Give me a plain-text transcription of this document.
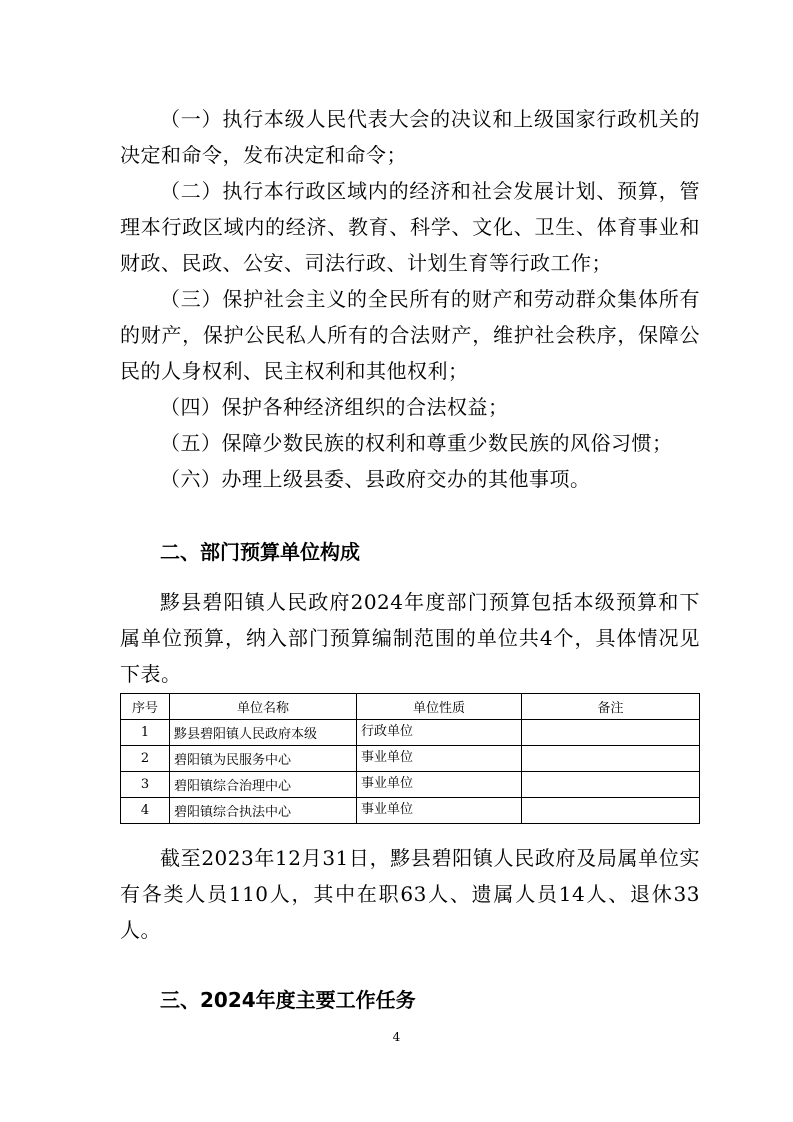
（一）执行本级人民代表大会的决议和上级国家行政机关的决定和命令，发布决定和命令；

（二）执行本行政区域内的经济和社会发展计划、预算，管理本行政区域内的经济、教育、科学、文化、卫生、体育事业和财政、民政、公安、司法行政、计划生育等行政工作；

（三）保护社会主义的全民所有的财产和劳动群众集体所有的财产，保护公民私人所有的合法财产，维护社会秩序，保障公民的人身权利、民主权利和其他权利；

（四）保护各种经济组织的合法权益；

（五）保障少数民族的权利和尊重少数民族的风俗习惯；

（六）办理上级县委、县政府交办的其他事项。

二、部门预算单位构成

黟县碧阳镇人民政府2024年度部门预算包括本级预算和下属单位预算，纳入部门预算编制范围的单位共4个，具体情况见下表。

序号	单位名称	单位性质	备注
1	黟县碧阳镇人民政府本级	行政单位	
2	碧阳镇为民服务中心	事业单位	
3	碧阳镇综合治理中心	事业单位	
4	碧阳镇综合执法中心	事业单位	

截至2023年12月31日，黟县碧阳镇人民政府及局属单位实有各类人员110人，其中在职63人、遗属人员14人、退休33人。

三、2024年度主要工作任务
4
